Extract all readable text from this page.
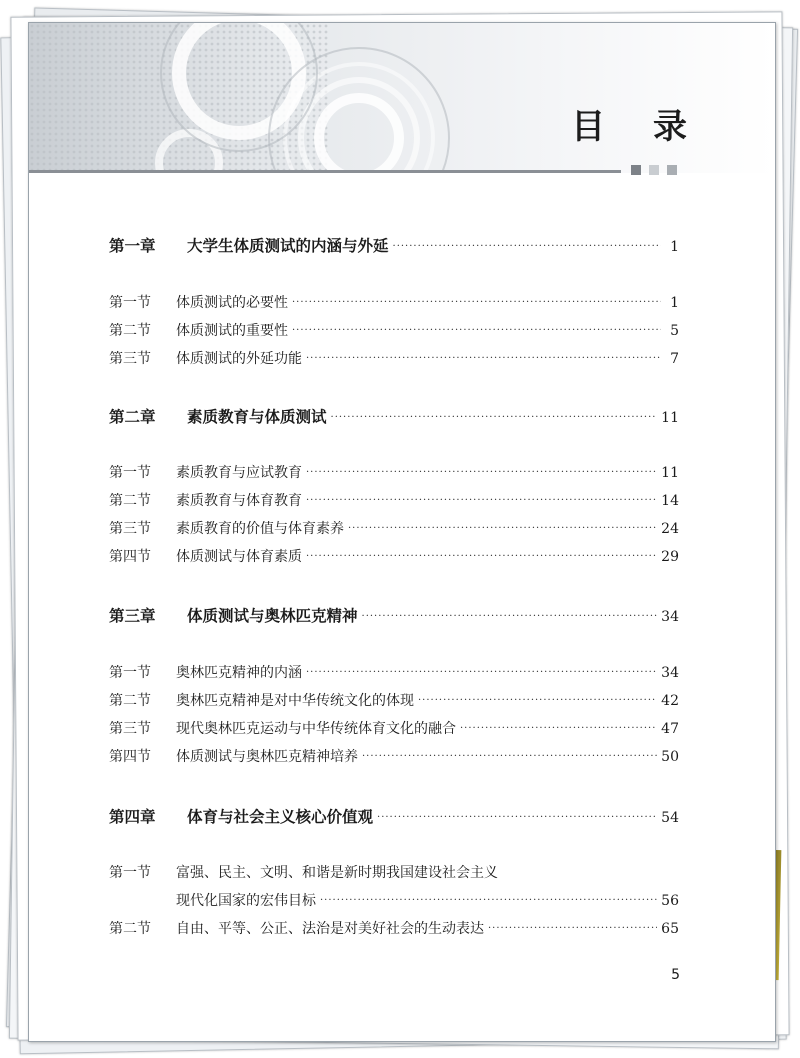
目 录
第一章	大学生体质测试的内涵与外延 ·····	1
第一节	体质测试的必要性 ·····	1
第二节	体质测试的重要性 ·····	5
第三节	体质测试的外延功能 ·····	7
第二章	素质教育与体质测试 ·····	11
第一节	素质教育与应试教育 ·····	11
第二节	素质教育与体育教育 ·····	14
第三节	素质教育的价值与体育素养 ·····	24
第四节	体质测试与体育素质 ·····	29
第三章	体质测试与奥林匹克精神 ·····	34
第一节	奥林匹克精神的内涵 ·····	34
第二节	奥林匹克精神是对中华传统文化的体现 ·····	42
第三节	现代奥林匹克运动与中华传统体育文化的融合 ·····	47
第四节	体质测试与奥林匹克精神培养 ·····	50
第四章	体育与社会主义核心价值观 ·····	54
第一节	富强、民主、文明、和谐是新时期我国建设社会主义
现代化国家的宏伟目标 ·····	56
第二节	自由、平等、公正、法治是对美好社会的生动表达 ·····	65
5
